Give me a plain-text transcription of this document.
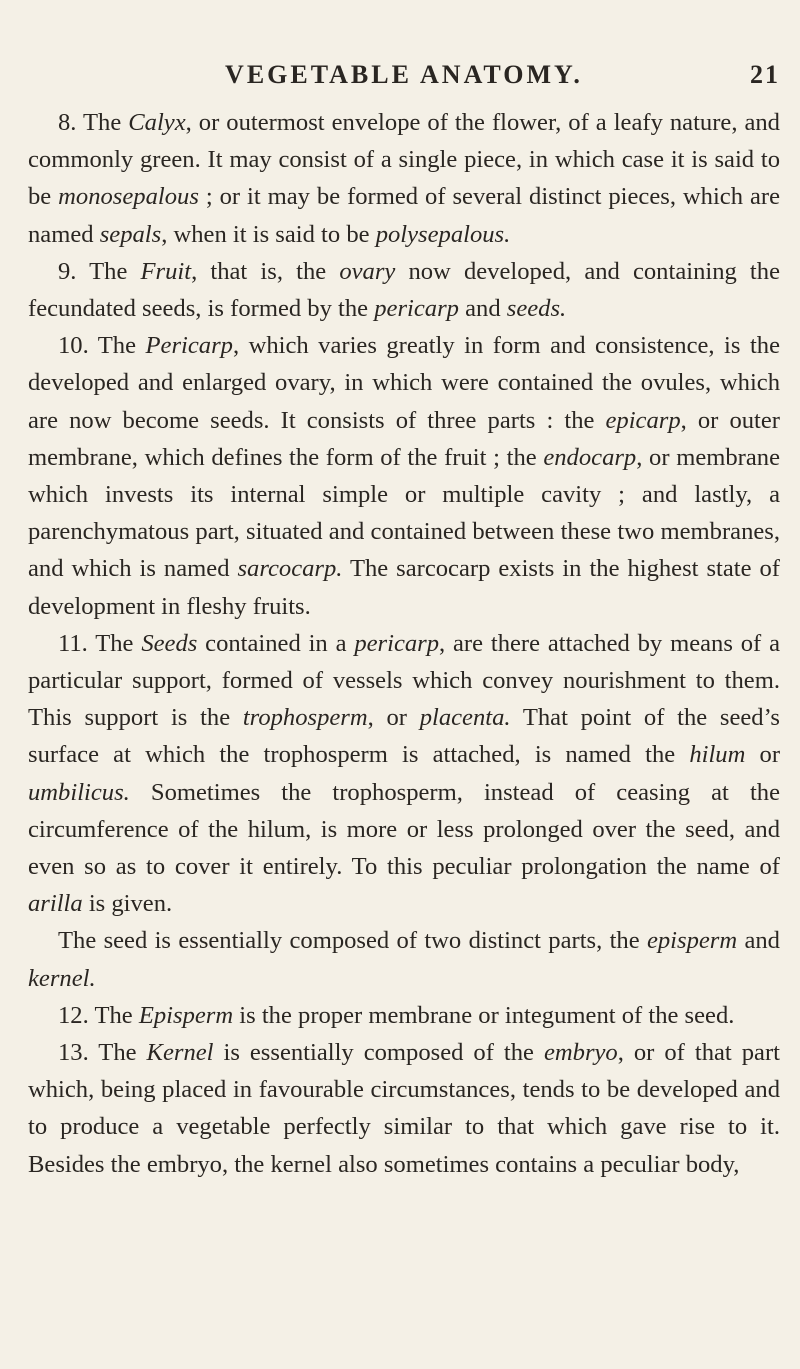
VEGETABLE ANATOMY.	21

8. The Calyx, or outermost envelope of the flower, of a leafy nature, and commonly green. It may consist of a single piece, in which case it is said to be monosepalous ; or it may be formed of several distinct pieces, which are named sepals, when it is said to be polysepalous.

9. The Fruit, that is, the ovary now developed, and containing the fecundated seeds, is formed by the pericarp and seeds.

10. The Pericarp, which varies greatly in form and consistence, is the developed and enlarged ovary, in which were contained the ovules, which are now become seeds. It consists of three parts : the epicarp, or outer membrane, which defines the form of the fruit ; the endocarp, or membrane which invests its internal simple or multiple cavity ; and lastly, a parenchymatous part, situated and contained between these two membranes, and which is named sarcocarp. The sarcocarp exists in the highest state of development in fleshy fruits.

11. The Seeds contained in a pericarp, are there attached by means of a particular support, formed of vessels which convey nourishment to them. This support is the trophosperm, or placenta. That point of the seed’s surface at which the trophosperm is attached, is named the hilum or umbilicus. Sometimes the trophosperm, instead of ceasing at the circumference of the hilum, is more or less prolonged over the seed, and even so as to cover it entirely. To this peculiar prolongation the name of arilla is given.

The seed is essentially composed of two distinct parts, the episperm and kernel.

12. The Episperm is the proper membrane or integument of the seed.

13. The Kernel is essentially composed of the embryo, or of that part which, being placed in favourable circumstances, tends to be developed and to produce a vegetable perfectly similar to that which gave rise to it. Besides the embryo, the kernel also sometimes contains a peculiar body,
